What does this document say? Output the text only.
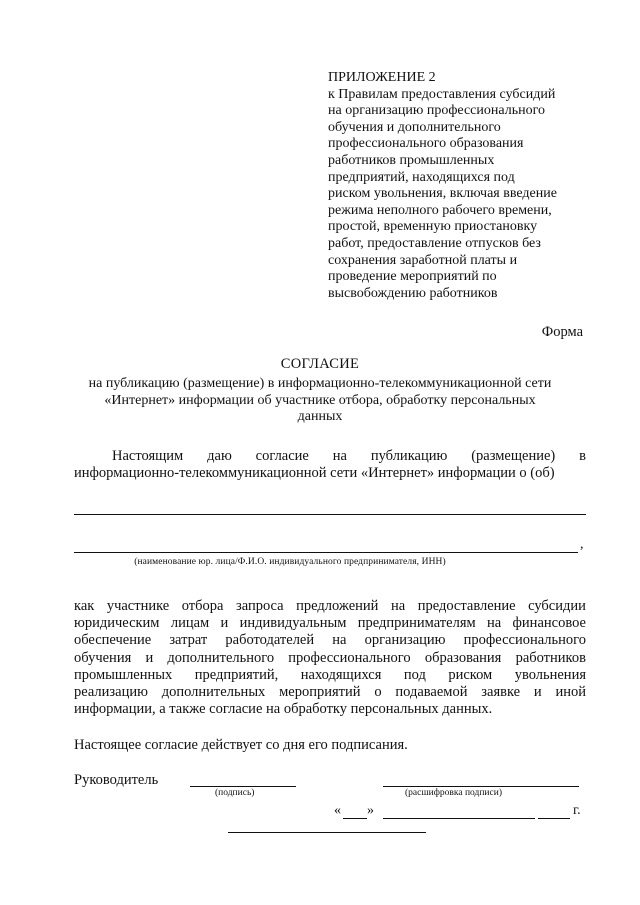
ПРИЛОЖЕНИЕ 2
к Правилам предоставления субсидий
на организацию профессионального
обучения и дополнительного
профессионального образования
работников промышленных
предприятий, находящихся под
риском увольнения, включая введение
режима неполного рабочего времени,
простой, временную приостановку
работ, предоставление отпусков без
сохранения заработной платы и
проведение мероприятий по
высвобождению работников
Форма
СОГЛАСИЕ
на публикацию (размещение) в информационно-телекоммуникационной сети
«Интернет» информации об участнике отбора, обработку персональных
данных
Настоящим даю согласие на публикацию (размещение) в
информационно-телекоммуникационной сети «Интернет» информации о (об)
,
(наименование юр. лица/Ф.И.О. индивидуального предпринимателя, ИНН)
как участнике отбора запроса предложений на предоставление субсидии
юридическим лицам и индивидуальным предпринимателям на финансовое
обеспечение затрат работодателей на организацию профессионального
обучения и дополнительного профессионального образования работников
промышленных предприятий, находящихся под риском увольнения
реализацию дополнительных мероприятий о подаваемой заявке и иной
информации, а также согласие на обработку персональных данных.
Настоящее согласие действует со дня его подписания.
Руководитель
(подпись)	(расшифровка подписи)
« »	г.
